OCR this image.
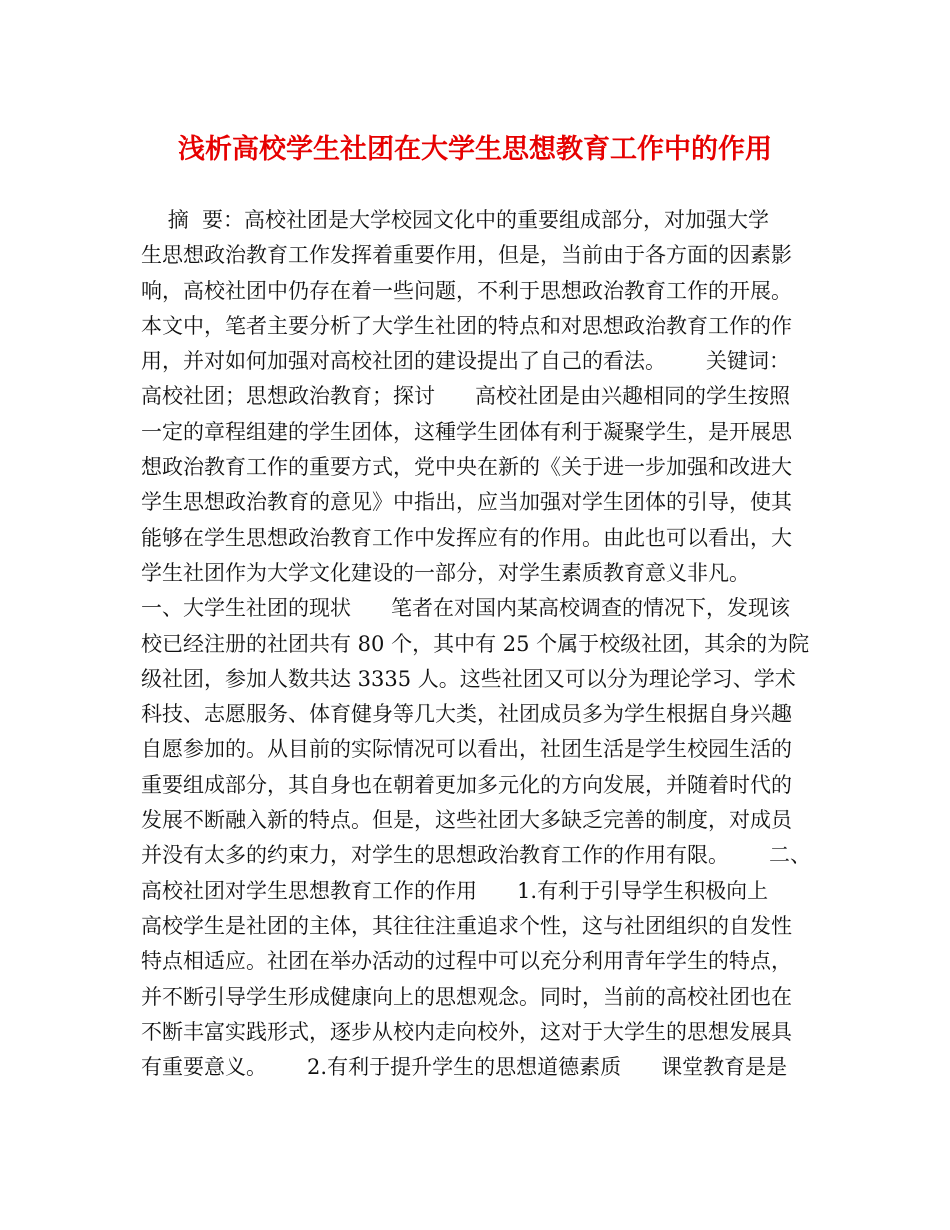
浅析高校学生社团在大学生思想教育工作中的作用
摘  要：高校社团是大学校园文化中的重要组成部分，对加强大学
生思想政治教育工作发挥着重要作用，但是，当前由于各方面的因素影
响，高校社团中仍存在着一些问题，不利于思想政治教育工作的开展。
本文中，笔者主要分析了大学生社团的特点和对思想政治教育工作的作
用，并对如何加强对高校社团的建设提出了自己的看法。      关键词：
高校社团；思想政治教育；探讨      高校社团是由兴趣相同的学生按照
一定的章程组建的学生团体，这種学生团体有利于凝聚学生，是开展思
想政治教育工作的重要方式，党中央在新的《关于进一步加强和改进大
学生思想政治教育的意见》中指出，应当加强对学生团体的引导，使其
能够在学生思想政治教育工作中发挥应有的作用。由此也可以看出，大
学生社团作为大学文化建设的一部分，对学生素质教育意义非凡。
一、大学生社团的现状      笔者在对国内某高校调查的情况下，发现该
校已经注册的社团共有 80 个，其中有 25 个属于校级社团，其余的为院
级社团，参加人数共达 3335 人。这些社团又可以分为理论学习、学术
科技、志愿服务、体育健身等几大类，社团成员多为学生根据自身兴趣
自愿参加的。从目前的实际情况可以看出，社团生活是学生校园生活的
重要组成部分，其自身也在朝着更加多元化的方向发展，并随着时代的
发展不断融入新的特点。但是，这些社团大多缺乏完善的制度，对成员
并没有太多的约束力，对学生的思想政治教育工作的作用有限。      二、
高校社团对学生思想教育工作的作用      1.有利于引导学生积极向上
高校学生是社团的主体，其往往注重追求个性，这与社团组织的自发性
特点相适应。社团在举办活动的过程中可以充分利用青年学生的特点，
并不断引导学生形成健康向上的思想观念。同时，当前的高校社团也在
不断丰富实践形式，逐步从校内走向校外，这对于大学生的思想发展具
有重要意义。      2.有利于提升学生的思想道德素质      课堂教育是是
